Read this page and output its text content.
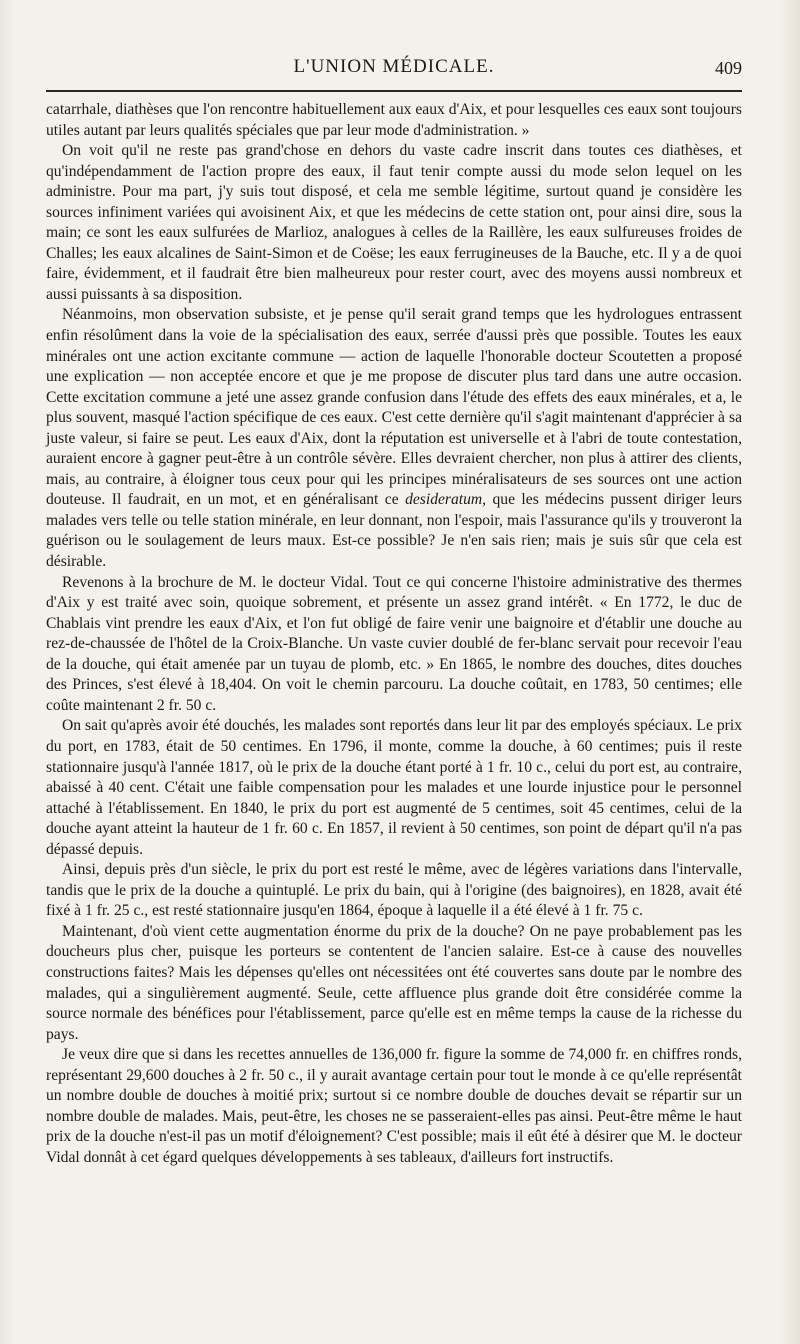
L'UNION MÉDICALE.	409

catarrhale, diathèses que l'on rencontre habituellement aux eaux d'Aix, et pour lesquelles ces eaux sont toujours utiles autant par leurs qualités spéciales que par leur mode d'administration. »

On voit qu'il ne reste pas grand'chose en dehors du vaste cadre inscrit dans toutes ces diathèses, et qu'indépendamment de l'action propre des eaux, il faut tenir compte aussi du mode selon lequel on les administre. Pour ma part, j'y suis tout disposé, et cela me semble légitime, surtout quand je considère les sources infiniment variées qui avoisinent Aix, et que les médecins de cette station ont, pour ainsi dire, sous la main; ce sont les eaux sulfurées de Marlioz, analogues à celles de la Raillère, les eaux sulfureuses froides de Challes; les eaux alcalines de Saint-Simon et de Coëse; les eaux ferrugineuses de la Bauche, etc. Il y a de quoi faire, évidemment, et il faudrait être bien malheureux pour rester court, avec des moyens aussi nombreux et aussi puissants à sa disposition.

Néanmoins, mon observation subsiste, et je pense qu'il serait grand temps que les hydrologues entrassent enfin résolûment dans la voie de la spécialisation des eaux, serrée d'aussi près que possible. Toutes les eaux minérales ont une action excitante commune — action de laquelle l'honorable docteur Scoutetten a proposé une explication — non acceptée encore et que je me propose de discuter plus tard dans une autre occasion. Cette excitation commune a jeté une assez grande confusion dans l'étude des effets des eaux minérales, et a, le plus souvent, masqué l'action spécifique de ces eaux. C'est cette dernière qu'il s'agit maintenant d'apprécier à sa juste valeur, si faire se peut. Les eaux d'Aix, dont la réputation est universelle et à l'abri de toute contestation, auraient encore à gagner peut-être à un contrôle sévère. Elles devraient chercher, non plus à attirer des clients, mais, au contraire, à éloigner tous ceux pour qui les principes minéralisateurs de ses sources ont une action douteuse. Il faudrait, en un mot, et en généralisant ce desideratum, que les médecins pussent diriger leurs malades vers telle ou telle station minérale, en leur donnant, non l'espoir, mais l'assurance qu'ils y trouveront la guérison ou le soulagement de leurs maux. Est-ce possible? Je n'en sais rien; mais je suis sûr que cela est désirable.

Revenons à la brochure de M. le docteur Vidal. Tout ce qui concerne l'histoire administrative des thermes d'Aix y est traité avec soin, quoique sobrement, et présente un assez grand intérêt. « En 1772, le duc de Chablais vint prendre les eaux d'Aix, et l'on fut obligé de faire venir une baignoire et d'établir une douche au rez-de-chaussée de l'hôtel de la Croix-Blanche. Un vaste cuvier doublé de fer-blanc servait pour recevoir l'eau de la douche, qui était amenée par un tuyau de plomb, etc. » En 1865, le nombre des douches, dites douches des Princes, s'est élevé à 18,404. On voit le chemin parcouru. La douche coûtait, en 1783, 50 centimes; elle coûte maintenant 2 fr. 50 c.

On sait qu'après avoir été douchés, les malades sont reportés dans leur lit par des employés spéciaux. Le prix du port, en 1783, était de 50 centimes. En 1796, il monte, comme la douche, à 60 centimes; puis il reste stationnaire jusqu'à l'année 1817, où le prix de la douche étant porté à 1 fr. 10 c., celui du port est, au contraire, abaissé à 40 cent. C'était une faible compensation pour les malades et une lourde injustice pour le personnel attaché à l'établissement. En 1840, le prix du port est augmenté de 5 centimes, soit 45 centimes, celui de la douche ayant atteint la hauteur de 1 fr. 60 c. En 1857, il revient à 50 centimes, son point de départ qu'il n'a pas dépassé depuis.

Ainsi, depuis près d'un siècle, le prix du port est resté le même, avec de légères variations dans l'intervalle, tandis que le prix de la douche a quintuplé. Le prix du bain, qui à l'origine (des baignoires), en 1828, avait été fixé à 1 fr. 25 c., est resté stationnaire jusqu'en 1864, époque à laquelle il a été élevé à 1 fr. 75 c.

Maintenant, d'où vient cette augmentation énorme du prix de la douche? On ne paye probablement pas les doucheurs plus cher, puisque les porteurs se contentent de l'ancien salaire. Est-ce à cause des nouvelles constructions faites? Mais les dépenses qu'elles ont nécessitées ont été couvertes sans doute par le nombre des malades, qui a singulièrement augmenté. Seule, cette affluence plus grande doit être considérée comme la source normale des bénéfices pour l'établissement, parce qu'elle est en même temps la cause de la richesse du pays.

Je veux dire que si dans les recettes annuelles de 136,000 fr. figure la somme de 74,000 fr. en chiffres ronds, représentant 29,600 douches à 2 fr. 50 c., il y aurait avantage certain pour tout le monde à ce qu'elle représentât un nombre double de douches à moitié prix; surtout si ce nombre double de douches devait se répartir sur un nombre double de malades. Mais, peut-être, les choses ne se passeraient-elles pas ainsi. Peut-être même le haut prix de la douche n'est-il pas un motif d'éloignement? C'est possible; mais il eût été à désirer que M. le docteur Vidal donnât à cet égard quelques développements à ses tableaux, d'ailleurs fort instructifs.
